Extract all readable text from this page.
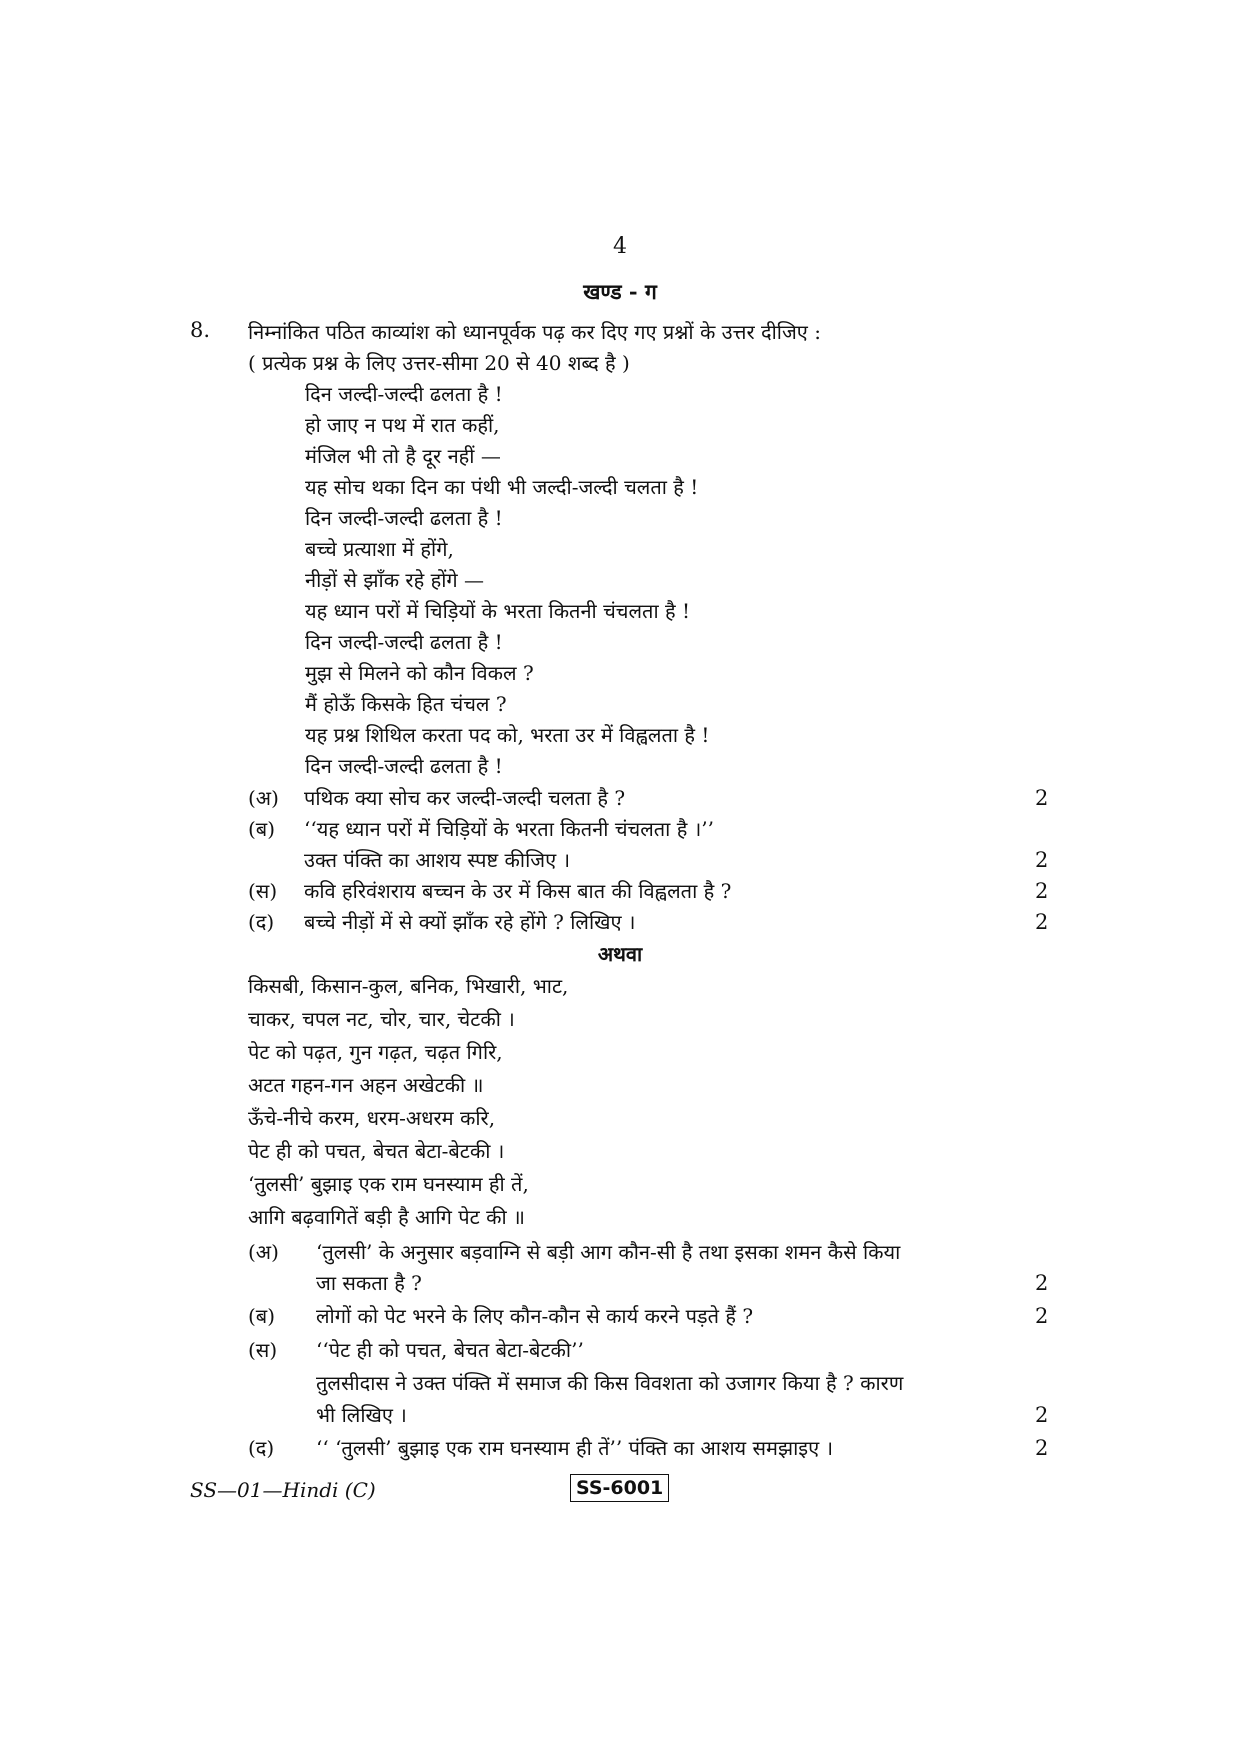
4
खण्ड - ग
8. निम्नांकित पठित काव्यांश को ध्यानपूर्वक पढ़ कर दिए गए प्रश्नों के उत्तर दीजिए :
( प्रत्येक प्रश्न के लिए उत्तर-सीमा 20 से 40 शब्द है )
दिन जल्दी-जल्दी ढलता है !
हो जाए न पथ में रात कहीं,
मंजिल भी तो है दूर नहीं —
यह सोच थका दिन का पंथी भी जल्दी-जल्दी चलता है !
दिन जल्दी-जल्दी ढलता है !
बच्चे प्रत्याशा में होंगे,
नीड़ों से झाँक रहे होंगे —
यह ध्यान परों में चिड़ियों के भरता कितनी चंचलता है !
दिन जल्दी-जल्दी ढलता है !
मुझ से मिलने को कौन विकल ?
मैं होऊँ किसके हित चंचल ?
यह प्रश्न शिथिल करता पद को, भरता उर में विह्वलता है !
दिन जल्दी-जल्दी ढलता है !
(अ) पथिक क्या सोच कर जल्दी-जल्दी चलता है ?	2
(ब) ‘‘यह ध्यान परों में चिड़ियों के भरता कितनी चंचलता है ।’’
उक्त पंक्ति का आशय स्पष्ट कीजिए ।	2
(स) कवि हरिवंशराय बच्चन के उर में किस बात की विह्वलता है ?	2
(द) बच्चे नीड़ों में से क्यों झाँक रहे होंगे ? लिखिए ।	2
अथवा
किसबी, किसान-कुल, बनिक, भिखारी, भाट,
चाकर, चपल नट, चोर, चार, चेटकी ।
पेट को पढ़त, गुन गढ़त, चढ़त गिरि,
अटत गहन-गन अहन अखेटकी ॥
ऊँचे-नीचे करम, धरम-अधरम करि,
पेट ही को पचत, बेचत बेटा-बेटकी ।
‘तुलसी’ बुझाइ एक राम घनस्याम ही तें,
आगि बढ़वागितें बड़ी है आगि पेट की ॥
(अ) ‘तुलसी’ के अनुसार बड़वाग्नि से बड़ी आग कौन-सी है तथा इसका शमन कैसे किया
जा सकता है ?	2
(ब) लोगों को पेट भरने के लिए कौन-कौन से कार्य करने पड़ते हैं ?	2
(स) ‘‘पेट ही को पचत, बेचत बेटा-बेटकी’’
तुलसीदास ने उक्त पंक्ति में समाज की किस विवशता को उजागर किया है ? कारण
भी लिखिए ।	2
(द) ‘‘ ‘तुलसी’ बुझाइ एक राम घनस्याम ही तें’’ पंक्ति का आशय समझाइए ।	2
SS—01—Hindi (C)	SS-6001
